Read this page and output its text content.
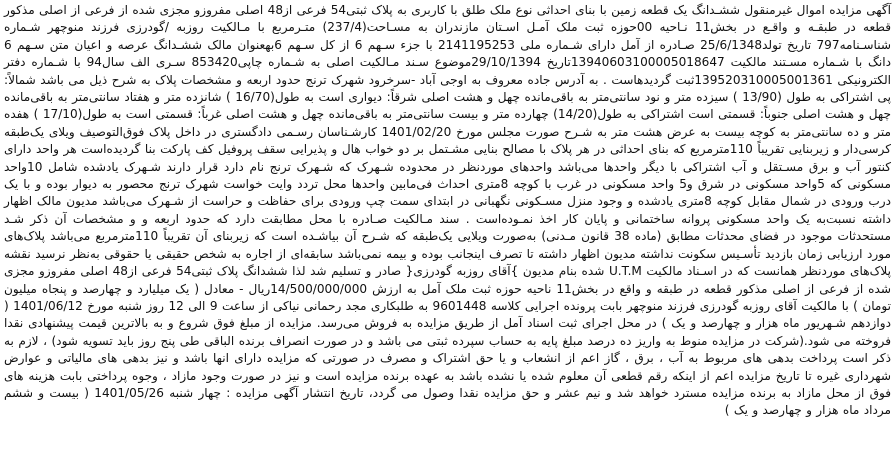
آگهی مزایده اموال غیرمنقول ششـدانگ یک قطعه زمین با بنای احداثی نوع ملک طلق با کاربری به پلاک ثبتی54 فرعی از48 اصلی مفروزو مجزی شده از فرعی از اصلی مذکور قطعه در طبقـه و واقـع در بخش11 نـاحیه 00حوزه ثبت ملک آمـل اسـتان مازندران به مسـاحت(237/4) متـرمربع با مـالکیت روزبه /گودرزی فرزند منوچهر شـماره شناسـنامه797 تاریخ تولد25/6/1348 صـادره از آمل دارای شـماره ملی 2141195253 با جزء سـهم 6 از کل سـهم 6بهعنوان مالک ششـدانگ عرصه و اعیان متن سـهم 6 دانگ با شـماره مسـتند مالکیت 13940603100005018647تاریخ 29/10/1394موضوع سـند مـالکیت اصلی به شـماره چاپی853420 سـری الف سال94 با شـماره دفتر الکترونیکی 139520310005001361ثبت گردیدهاست . به آدرس جاده معروف به اوجی آباد -سرخرود شهرک ترنج حدود اربعه و مشخصات پلاک به شرح ذیل می باشد شمالاً: پی اشتراکی به طول (13/90 ) سیزده متر و نود سانتی‌متر به باقی‌مانده چهل و هشت اصلی شرقاً: دیواری است به طول(16/70 ) شانزده متر و هفتاد سانتی‌متر به باقی‌مانده چهل و هشت اصلی جنوباً: قسمتی است اشتراکی به طول(14/20) چهارده متر و بیست سانتی‌متر به باقی‌مانده چهل و هشت اصلی غرباً: قسمتی است به طول(17/10 ) هفده متر و ده سانتی‌متر به کوچه بیست به عرض هشت متر به شـرح صورت مجلس مورخ 1401/02/20 کارشـناسان رسـمی دادگستری در داخل پلاک فوق‌التوصیف ویلای یک‌طبقه کرسی‌دار و زیربنایی تقریباً 110مترمربع که بنای احداثی در هر پلاک با مصالح بنایی مشـتمل بر دو خواب هال و پذیرایی سقف پروفیل کف پارکت بنا گردیده‌است هر واحد دارای کنتور آب و برق مسـتقل و آب اشتراکی با دیگر واحدها می‌باشد واحدهای موردنظر در محدوده شـهرک که شـهرک ترنج نام دارد قرار دارند شـهرک یادشده شامل 10واحد مسکونی که 5واحد مسکونی در شرق و5 واحد مسکونی در غرب با کوچه 8متری احداث فی‌مابین واحدها محل تردد وایت خواست شهرک ترنج محصور به دیوار بوده و با یک درب ورودی در شمال مقابل کوچه 8متری یادشده و وجود منزل مسـکونی نگهبانی در ابتدای سمت چپ ورودی برای حفاظت و حراست از شـهرک می‌باشد مدیون مالک اظهار داشته نسبت‌به یک واحد مسکونی پروانه ساختمانی و پایان کار اخذ نمـوده‌است . سند مـالکیت صـادره با محل مطابقت دارد که حدود اربعه و و مشخصات آن ذکر شـد مستحدثات موجود در فضای محدثات مطابق (ماده 38 قانون مـدنی) به‌صورت ویلایی یک‌طبقه که شـرح آن بیاشـده است که زیربنای آن تقریباً 110مترمربع می‌باشد پلاک‌های مورد ارزیابی زمان بازدید تأسـیس سکونت نداشته مدیون اظهار داشته تا تصرف اینجانب بوده و بیمه نمی‌باشد سابقه‌ای از اجاره به شخص حقیقی یا حقوقی به‌نظر نرسید نقشه پلاک‌های موردنظر همانست که در اسـناد مالکیت U.T.M شده بنام مدیون }آقای روزبه گودرزی{ صادر و تسلیم شد لذا ششدانگ پلاک ثبتی54 فرعی از48 اصلی مفروزو مجزی شده از فرعی از اصلی مذکور قطعه در طبقه و واقع در بخش11 ناحیه حوزه ثبت ملک آمل به ارزش 14/500/000/000ریال - معادل ( یک میلیارد و چهارصد و پنجاه میلیون تومان ) با مالکیت آقای روزبه گودرزی فرزند منوچهر بابت پرونده اجرایی کلاسه 9601448 به طلبکاری مجد رحمانی نیاکی از ساعت 9 الی 12 روز شنبه مورخ 1401/06/12 ( دوازدهم شـهریور ماه هزار و چهارصد و یک ) در محل اجرای ثبت اسناد آمل از طریق مزایده به فروش می‌رسد. مزایده از مبلغ فوق شروع و به بالاترین قیمت پیشنهادی نقدا فروخته می شود.(شرکت در مزایده منوط به واریز ده درصد مبلغ پایه به حساب سپرده ثبتی می باشد و در صورت انصراف برنده الباقی طی پنج روز باید تسویه شود) ، لازم به ذکر است پرداخت بدهی های مربوط به آب ، برق ، گاز اعم از انشعاب و یا حق اشتراک و مصرف در صورتی که مزایده دارای انها باشد و نیز بدهی های مالیاتی و عوارض شهرداری غیره تا تاریخ مزایده اعم از اینکه رقم قطعی آن معلوم شده یا نشده باشد به عهده برنده مزایده است و نیز در صورت وجود مازاد ، وجوه پرداختی بابت هزینه های فوق از محل مازاد به برنده مزایده مسترد خواهد شد و نیم عشر و حق مزایده نقدا وصول می گردد، تاریخ انتشار آگهی مزایده : چهار شنبه 1401/05/26 ( بیست و ششم مرداد ماه هزار و چهارصد و یک )
